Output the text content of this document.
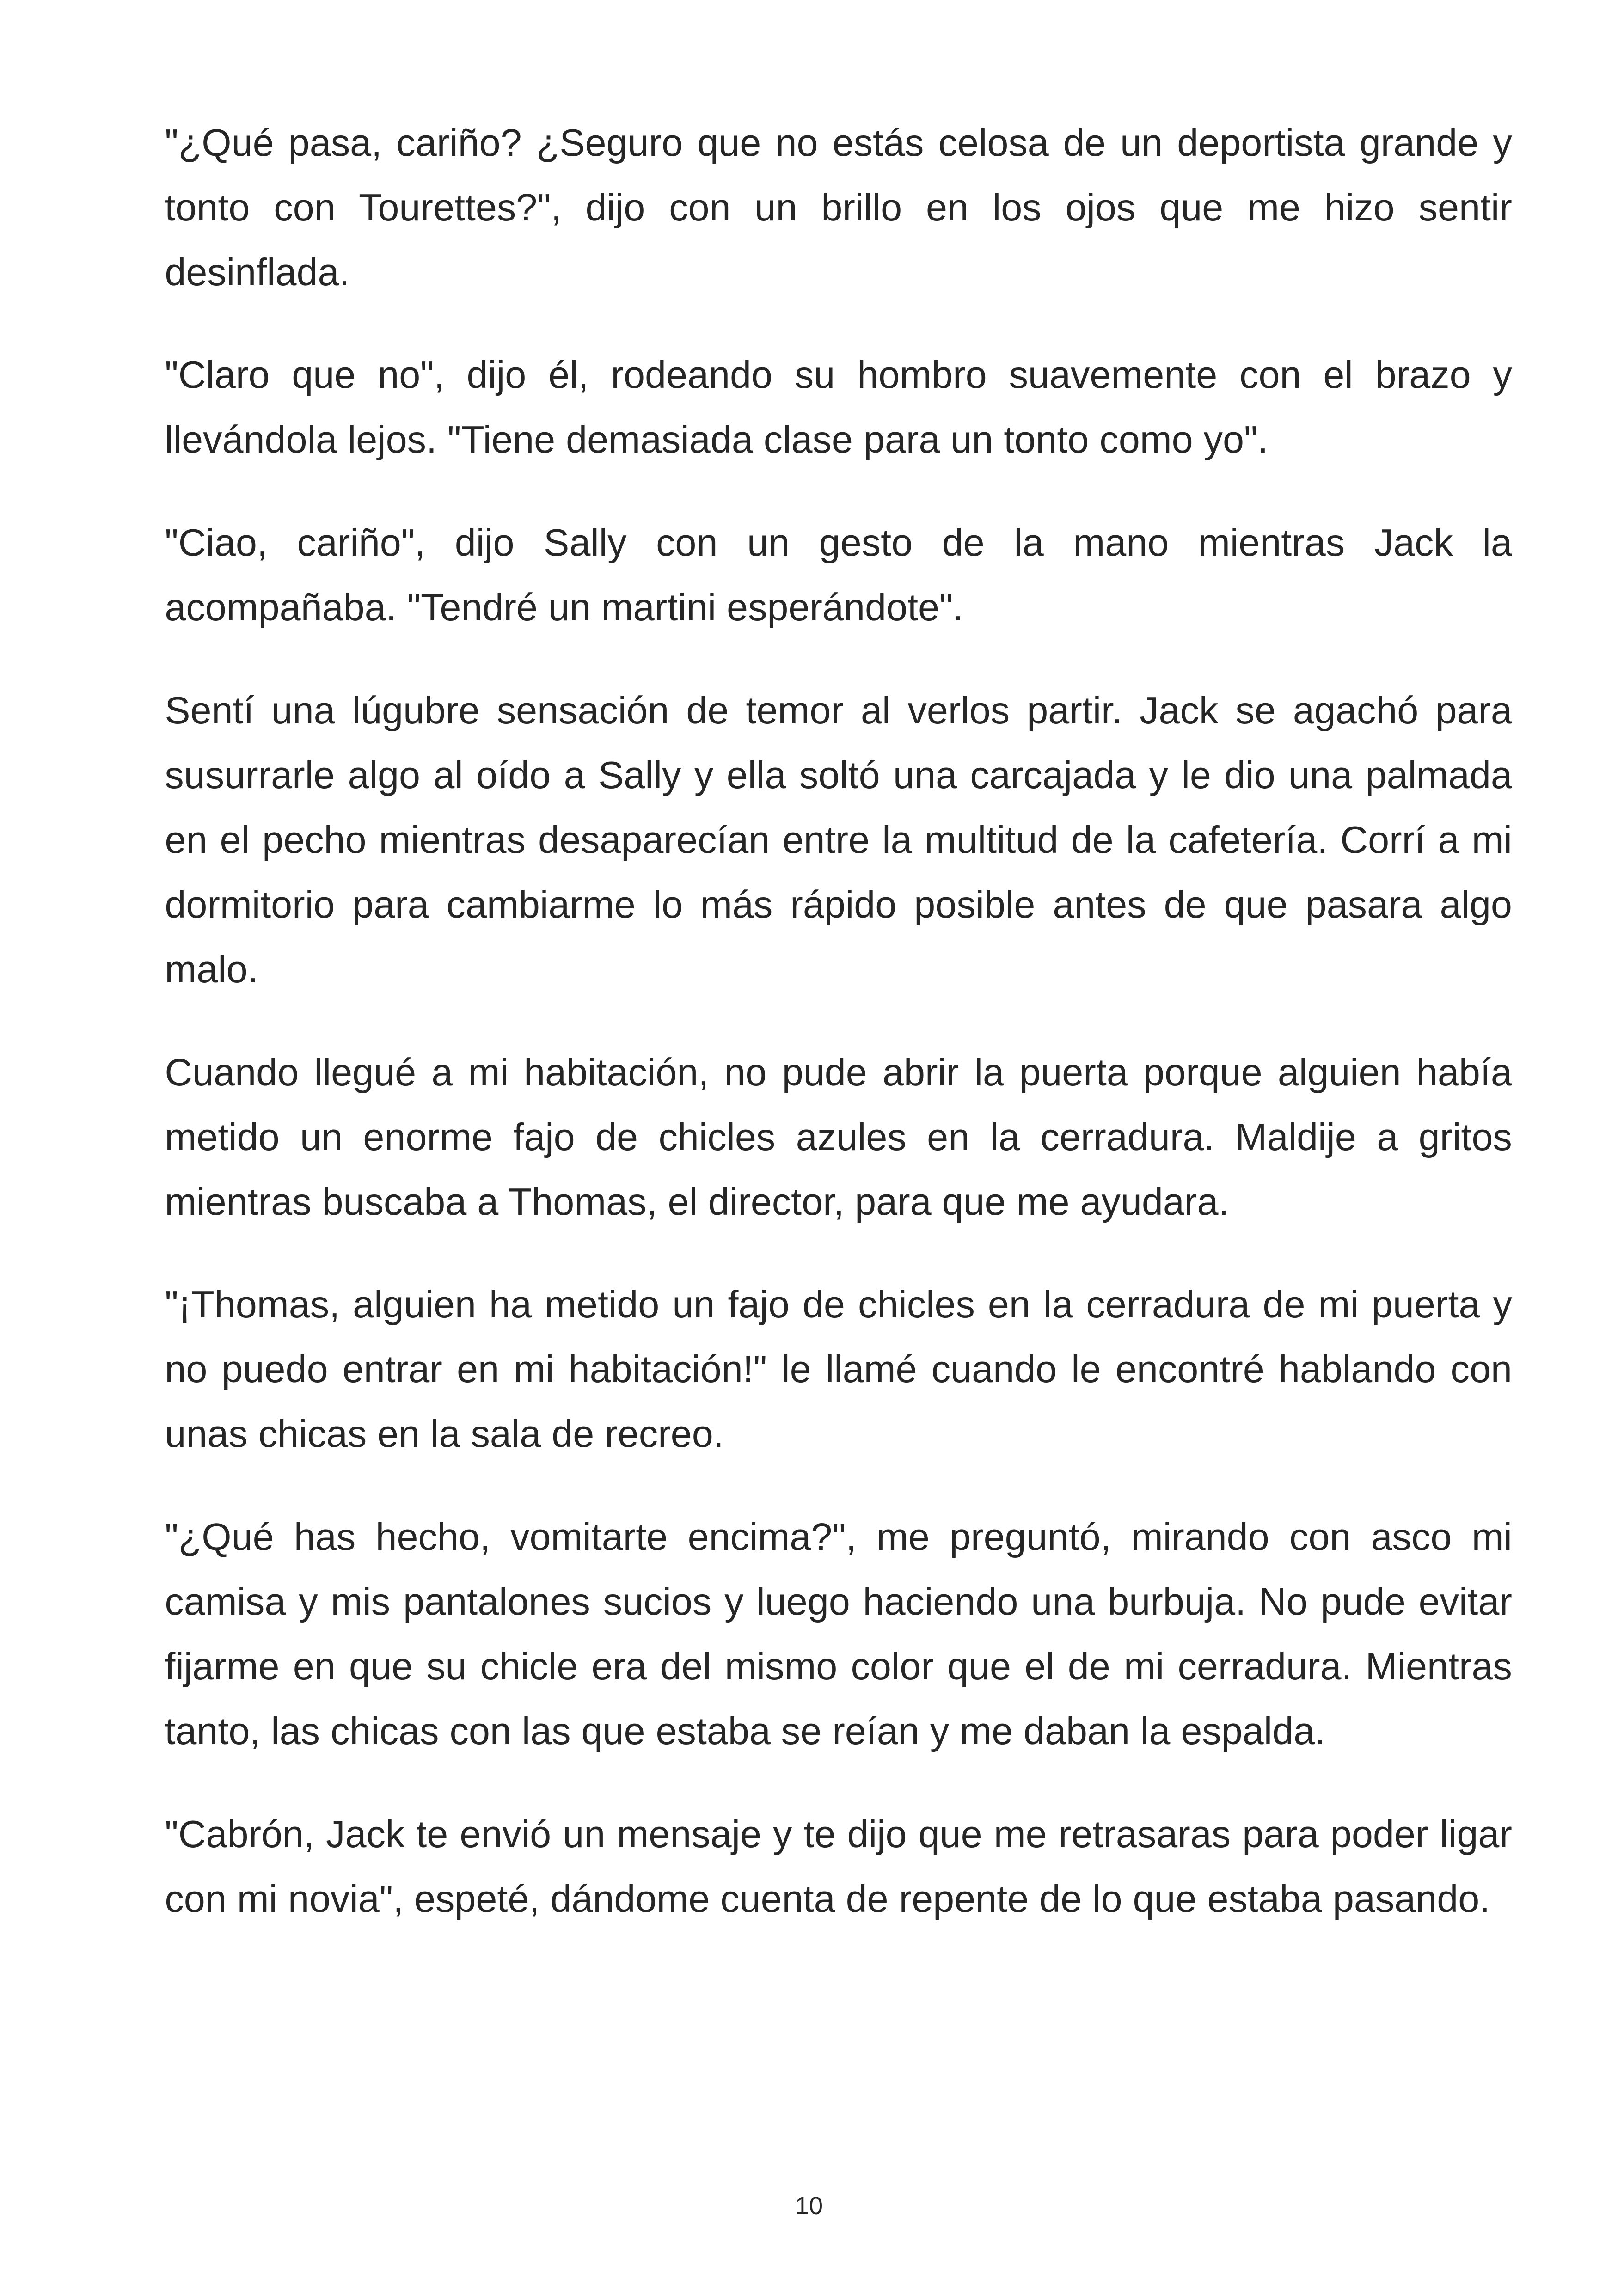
"¿Qué pasa, cariño? ¿Seguro que no estás celosa de un deportista grande y tonto con Tourettes?", dijo con un brillo en los ojos que me hizo sentir desinflada.

"Claro que no", dijo él, rodeando su hombro suavemente con el brazo y llevándola lejos. "Tiene demasiada clase para un tonto como yo".

"Ciao, cariño", dijo Sally con un gesto de la mano mientras Jack la acompañaba. "Tendré un martini esperándote".

Sentí una lúgubre sensación de temor al verlos partir. Jack se agachó para susurrarle algo al oído a Sally y ella soltó una carcajada y le dio una palmada en el pecho mientras desaparecían entre la multitud de la cafetería. Corrí a mi dormitorio para cambiarme lo más rápido posible antes de que pasara algo malo.

Cuando llegué a mi habitación, no pude abrir la puerta porque alguien había metido un enorme fajo de chicles azules en la cerradura. Maldije a gritos mientras buscaba a Thomas, el director, para que me ayudara.

"¡Thomas, alguien ha metido un fajo de chicles en la cerradura de mi puerta y no puedo entrar en mi habitación!" le llamé cuando le encontré hablando con unas chicas en la sala de recreo.

"¿Qué has hecho, vomitarte encima?", me preguntó, mirando con asco mi camisa y mis pantalones sucios y luego haciendo una burbuja. No pude evitar fijarme en que su chicle era del mismo color que el de mi cerradura. Mientras tanto, las chicas con las que estaba se reían y me daban la espalda.

"Cabrón, Jack te envió un mensaje y te dijo que me retrasaras para poder ligar con mi novia", espeté, dándome cuenta de repente de lo que estaba pasando.

10
